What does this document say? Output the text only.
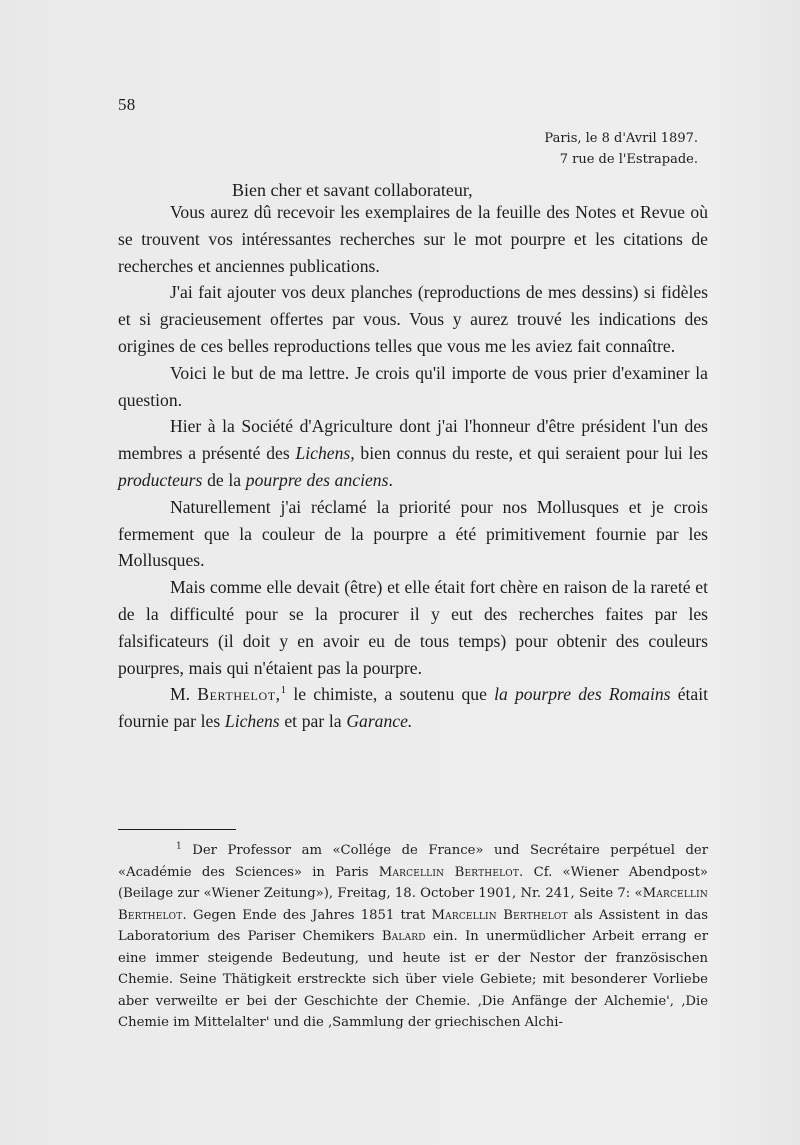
58
Paris, le 8 d'Avril 1897.
7 rue de l'Estrapade.
Bien cher et savant collaborateur,

Vous aurez dû recevoir les exemplaires de la feuille des Notes et Revue où se trouvent vos intéressantes recherches sur le mot pourpre et les citations de recherches et anciennes publications.

J'ai fait ajouter vos deux planches (reproductions de mes dessins) si fidèles et si gracieusement offertes par vous. Vous y aurez trouvé les indications des origines de ces belles reproductions telles que vous me les aviez fait connaître.

Voici le but de ma lettre. Je crois qu'il importe de vous prier d'examiner la question.

Hier à la Société d'Agriculture dont j'ai l'honneur d'être président l'un des membres a présenté des Lichens, bien connus du reste, et qui seraient pour lui les producteurs de la pourpre des anciens.

Naturellement j'ai réclamé la priorité pour nos Mollusques et je crois fermement que la couleur de la pourpre a été primitivement fournie par les Mollusques.

Mais comme elle devait (être) et elle était fort chère en raison de la rareté et de la difficulté pour se la procurer il y eut des recherches faites par les falsificateurs (il doit y en avoir eu de tous temps) pour obtenir des couleurs pourpres, mais qui n'étaient pas la pourpre.

M. Berthelot,$^1$ le chimiste, a soutenu que la pourpre des Romains était fournie par les Lichens et par la Garance.

$^1$ Der Professor am «Collége de France» und Secrétaire perpétuel der «Académie des Sciences» in Paris Marcellin Berthelot. Cf. «Wiener Abendpost» (Beilage zur «Wiener Zeitung»), Freitag, 18. October 1901, Nr. 241, Seite 7: «Marcellin Berthelot. Gegen Ende des Jahres 1851 trat Marcellin Berthelot als Assistent in das Laboratorium des Pariser Chemikers Balard ein. In unermüdlicher Arbeit errang er eine immer steigende Bedeutung, und heute ist er der Nestor der französischen Chemie. Seine Thätigkeit erstreckte sich über viele Gebiete; mit besonderer Vorliebe aber verweilte er bei der Geschichte der Chemie. ‚Die Anfänge der Alchemie', ‚Die Chemie im Mittelalter' und die ‚Sammlung der griechischen Alchi-
